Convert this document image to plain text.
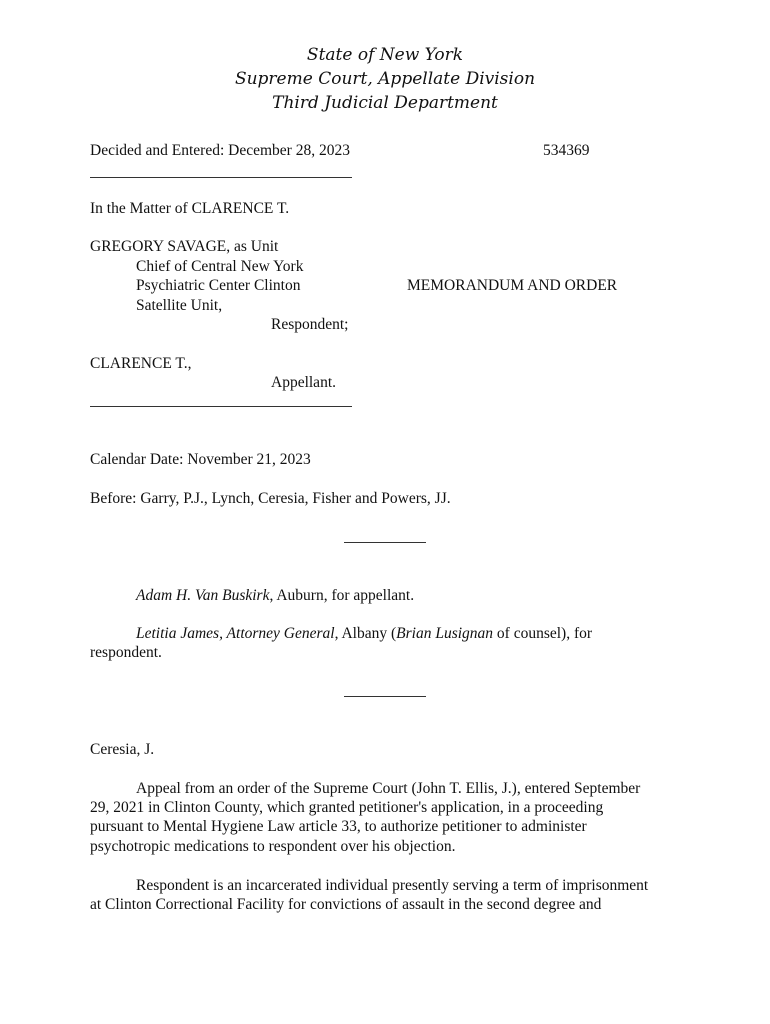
State of New York
Supreme Court, Appellate Division
Third Judicial Department
Decided and Entered: December 28, 2023	534369
In the Matter of CLARENCE T.
GREGORY SAVAGE, as Unit
Chief of Central New York
Psychiatric Center Clinton
Satellite Unit,
Respondent;
MEMORANDUM AND ORDER
CLARENCE T.,
Appellant.
Calendar Date: November 21, 2023
Before: Garry, P.J., Lynch, Ceresia, Fisher and Powers, JJ.
Adam H. Van Buskirk, Auburn, for appellant.
Letitia James, Attorney General, Albany (Brian Lusignan of counsel), for
respondent.
Ceresia, J.
Appeal from an order of the Supreme Court (John T. Ellis, J.), entered September
29, 2021 in Clinton County, which granted petitioner's application, in a proceeding
pursuant to Mental Hygiene Law article 33, to authorize petitioner to administer
psychotropic medications to respondent over his objection.
Respondent is an incarcerated individual presently serving a term of imprisonment
at Clinton Correctional Facility for convictions of assault in the second degree and
